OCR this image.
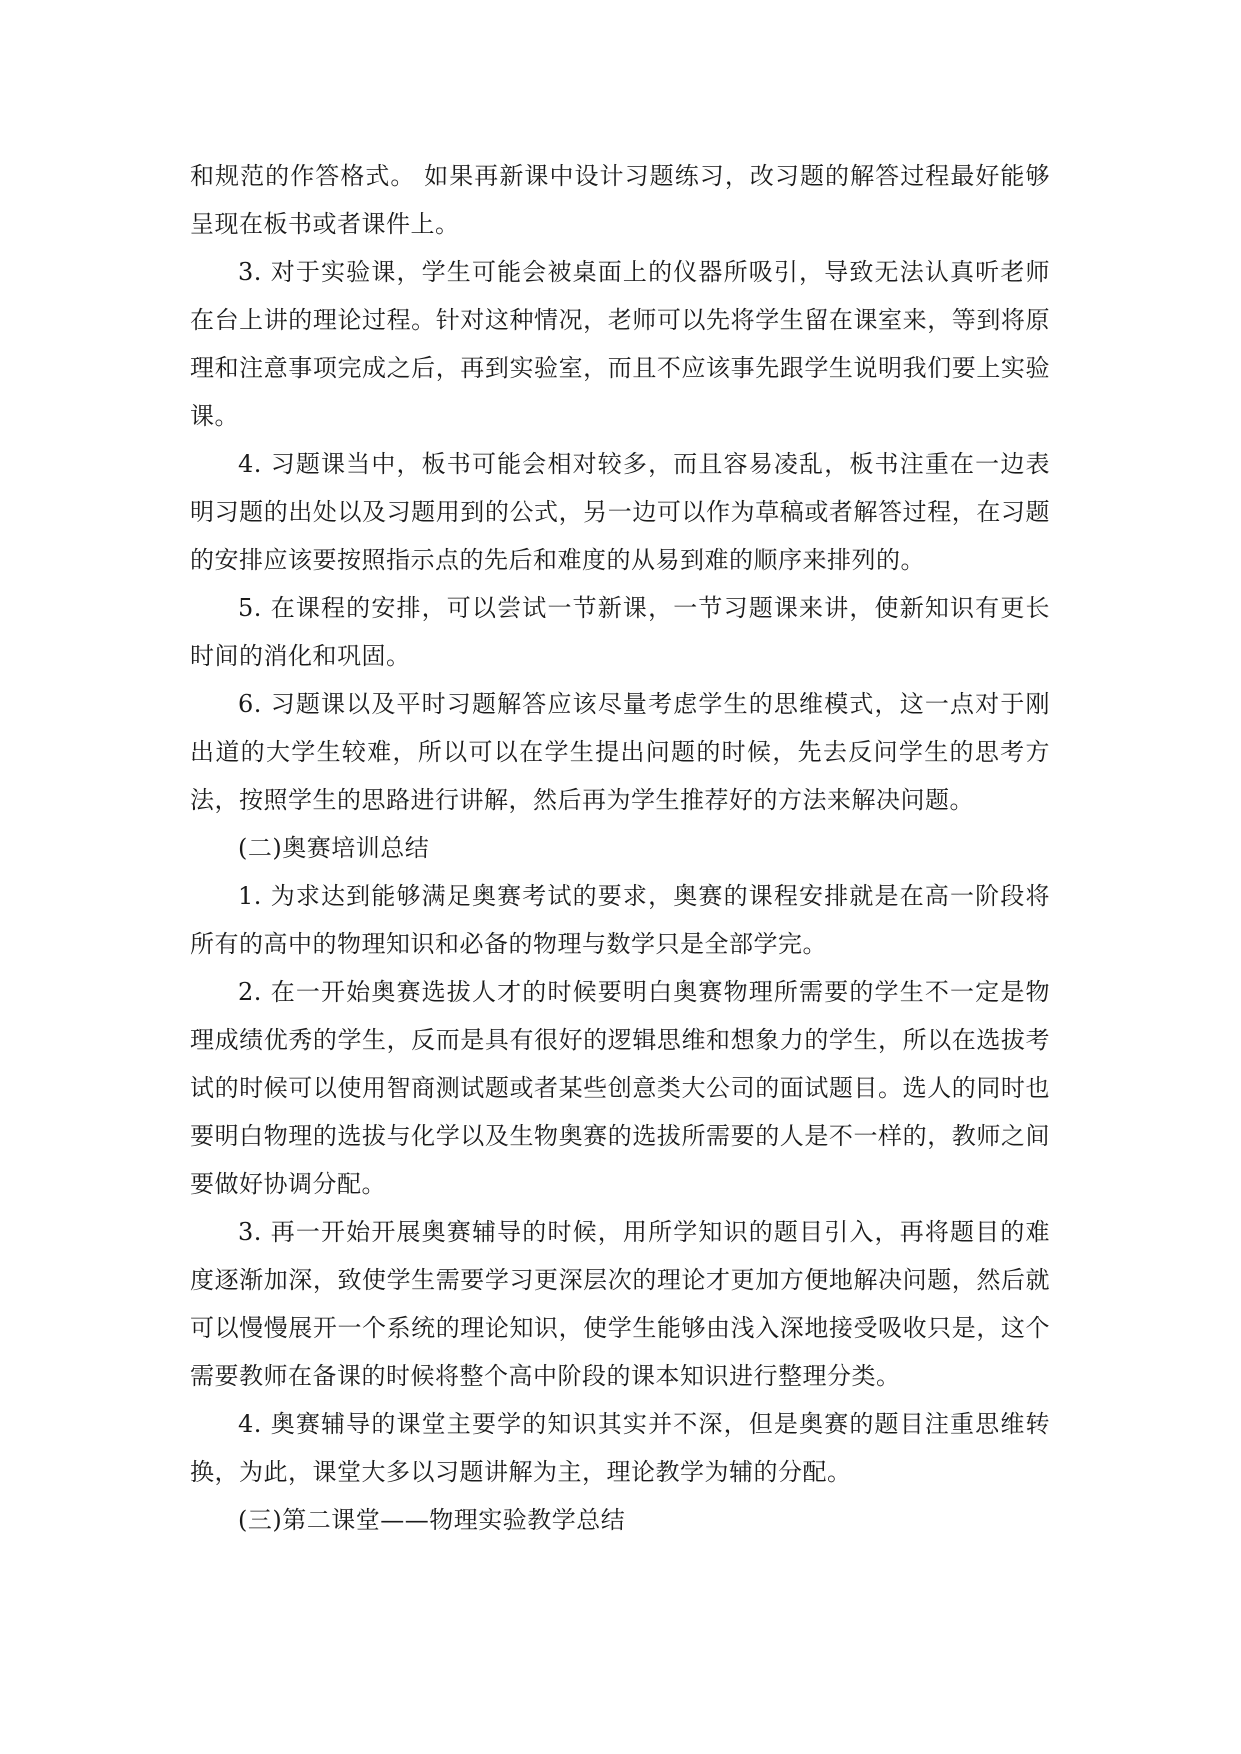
和规范的作答格式。 如果再新课中设计习题练习，改习题的解答过程最好能够呈现在板书或者课件上。

3. 对于实验课，学生可能会被桌面上的仪器所吸引，导致无法认真听老师在台上讲的理论过程。针对这种情况，老师可以先将学生留在课室来，等到将原理和注意事项完成之后，再到实验室，而且不应该事先跟学生说明我们要上实验课。

4. 习题课当中，板书可能会相对较多，而且容易凌乱，板书注重在一边表明习题的出处以及习题用到的公式，另一边可以作为草稿或者解答过程，在习题的安排应该要按照指示点的先后和难度的从易到难的顺序来排列的。

5. 在课程的安排，可以尝试一节新课，一节习题课来讲，使新知识有更长时间的消化和巩固。

6. 习题课以及平时习题解答应该尽量考虑学生的思维模式，这一点对于刚出道的大学生较难，所以可以在学生提出问题的时候，先去反问学生的思考方法，按照学生的思路进行讲解，然后再为学生推荐好的方法来解决问题。

(二)奥赛培训总结

1. 为求达到能够满足奥赛考试的要求，奥赛的课程安排就是在高一阶段将所有的高中的物理知识和必备的物理与数学只是全部学完。

2. 在一开始奥赛选拔人才的时候要明白奥赛物理所需要的学生不一定是物理成绩优秀的学生，反而是具有很好的逻辑思维和想象力的学生，所以在选拔考试的时候可以使用智商测试题或者某些创意类大公司的面试题目。选人的同时也要明白物理的选拔与化学以及生物奥赛的选拔所需要的人是不一样的，教师之间要做好协调分配。

3. 再一开始开展奥赛辅导的时候，用所学知识的题目引入，再将题目的难度逐渐加深，致使学生需要学习更深层次的理论才更加方便地解决问题，然后就可以慢慢展开一个系统的理论知识，使学生能够由浅入深地接受吸收只是，这个需要教师在备课的时候将整个高中阶段的课本知识进行整理分类。

4. 奥赛辅导的课堂主要学的知识其实并不深，但是奥赛的题目注重思维转换，为此，课堂大多以习题讲解为主，理论教学为辅的分配。

(三)第二课堂——物理实验教学总结
